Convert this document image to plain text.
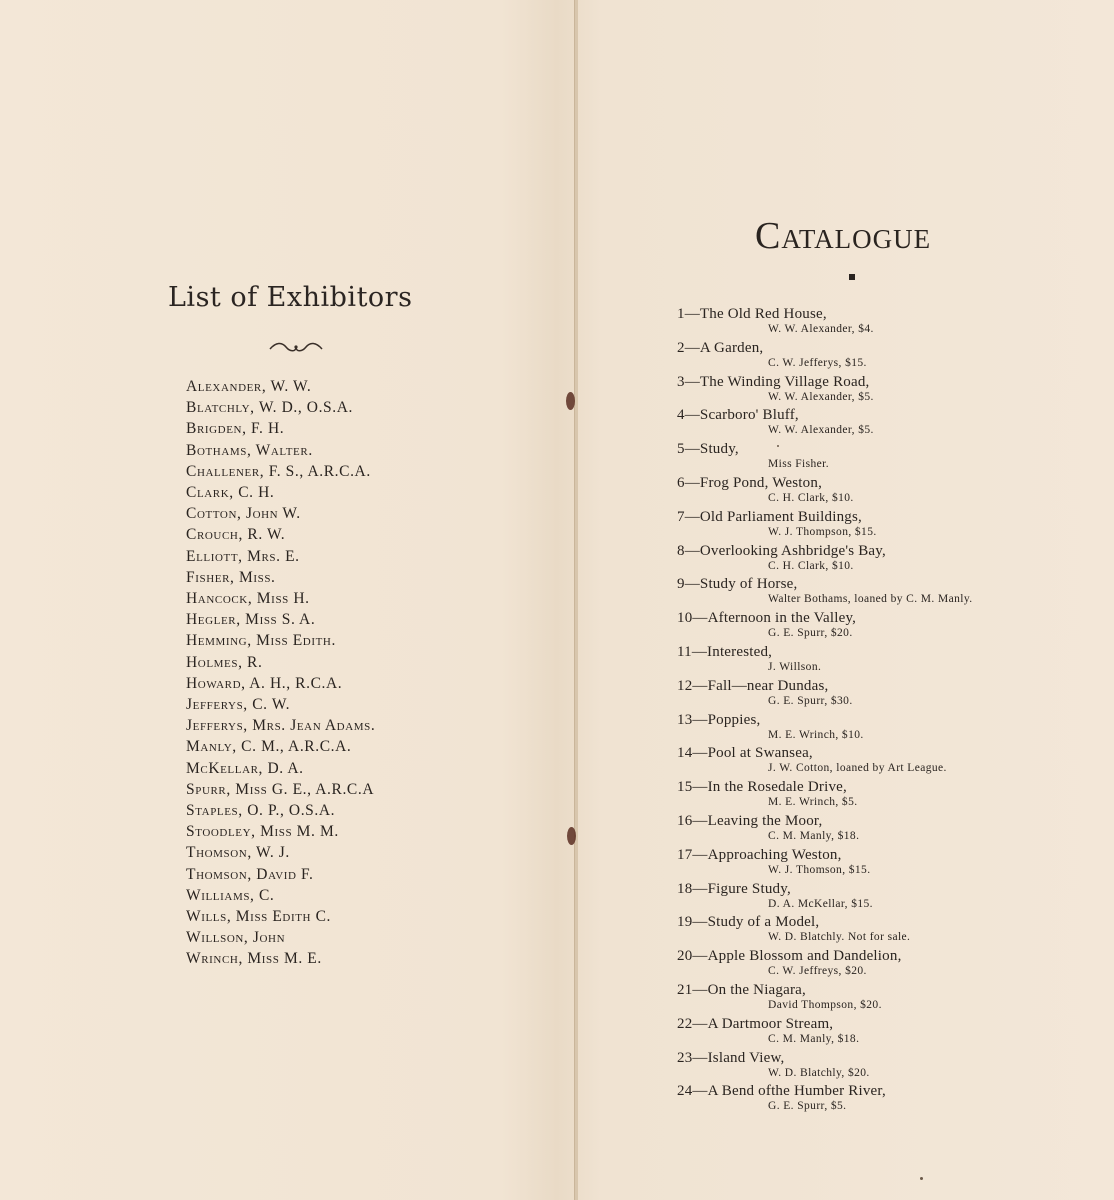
List of Exhibitors
Alexander, W. W.
Blatchly, W. D., O.S.A.
Brigden, F. H.
Bothams, Walter.
Challener, F. S., A.R.C.A.
Clark, C. H.
Cotton, John W.
Crouch, R. W.
Elliott, Mrs. E.
Fisher, Miss.
Hancock, Miss H.
Hegler, Miss S. A.
Hemming, Miss Edith.
Holmes, R.
Howard, A. H., R.C.A.
Jefferys, C. W.
Jefferys, Mrs. Jean Adams.
Manly, C. M., A.R.C.A.
McKellar, D. A.
Spurr, Miss G. E., A.R.C.A
Staples, O. P., O.S.A.
Stoodley, Miss M. M.
Thomson, W. J.
Thomson, David F.
Williams, C.
Wills, Miss Edith C.
Willson, John
Wrinch, Miss M. E.
Catalogue
1—The Old Red House,
W. W. Alexander, $4.
2—A Garden,
C. W. Jefferys, $15.
3—The Winding Village Road,
W. W. Alexander, $5.
4—Scarboro' Bluff,
W. W. Alexander, $5.
5—Study,
Miss Fisher.
6—Frog Pond, Weston,
C. H. Clark, $10.
7—Old Parliament Buildings,
W. J. Thompson, $15.
8—Overlooking Ashbridge's Bay,
C. H. Clark, $10.
9—Study of Horse,
Walter Bothams, loaned by C. M. Manly.
10—Afternoon in the Valley,
G. E. Spurr, $20.
11—Interested,
J. Willson.
12—Fall—near Dundas,
G. E. Spurr, $30.
13—Poppies,
M. E. Wrinch, $10.
14—Pool at Swansea,
J. W. Cotton, loaned by Art League.
15—In the Rosedale Drive,
M. E. Wrinch, $5.
16—Leaving the Moor,
C. M. Manly, $18.
17—Approaching Weston,
W. J. Thomson, $15.
18—Figure Study,
D. A. McKellar, $15.
19—Study of a Model,
W. D. Blatchly. Not for sale.
20—Apple Blossom and Dandelion,
C. W. Jeffreys, $20.
21—On the Niagara,
David Thompson, $20.
22—A Dartmoor Stream,
C. M. Manly, $18.
23—Island View,
W. D. Blatchly, $20.
24—A Bend ofthe Humber River,
G. E. Spurr, $5.
